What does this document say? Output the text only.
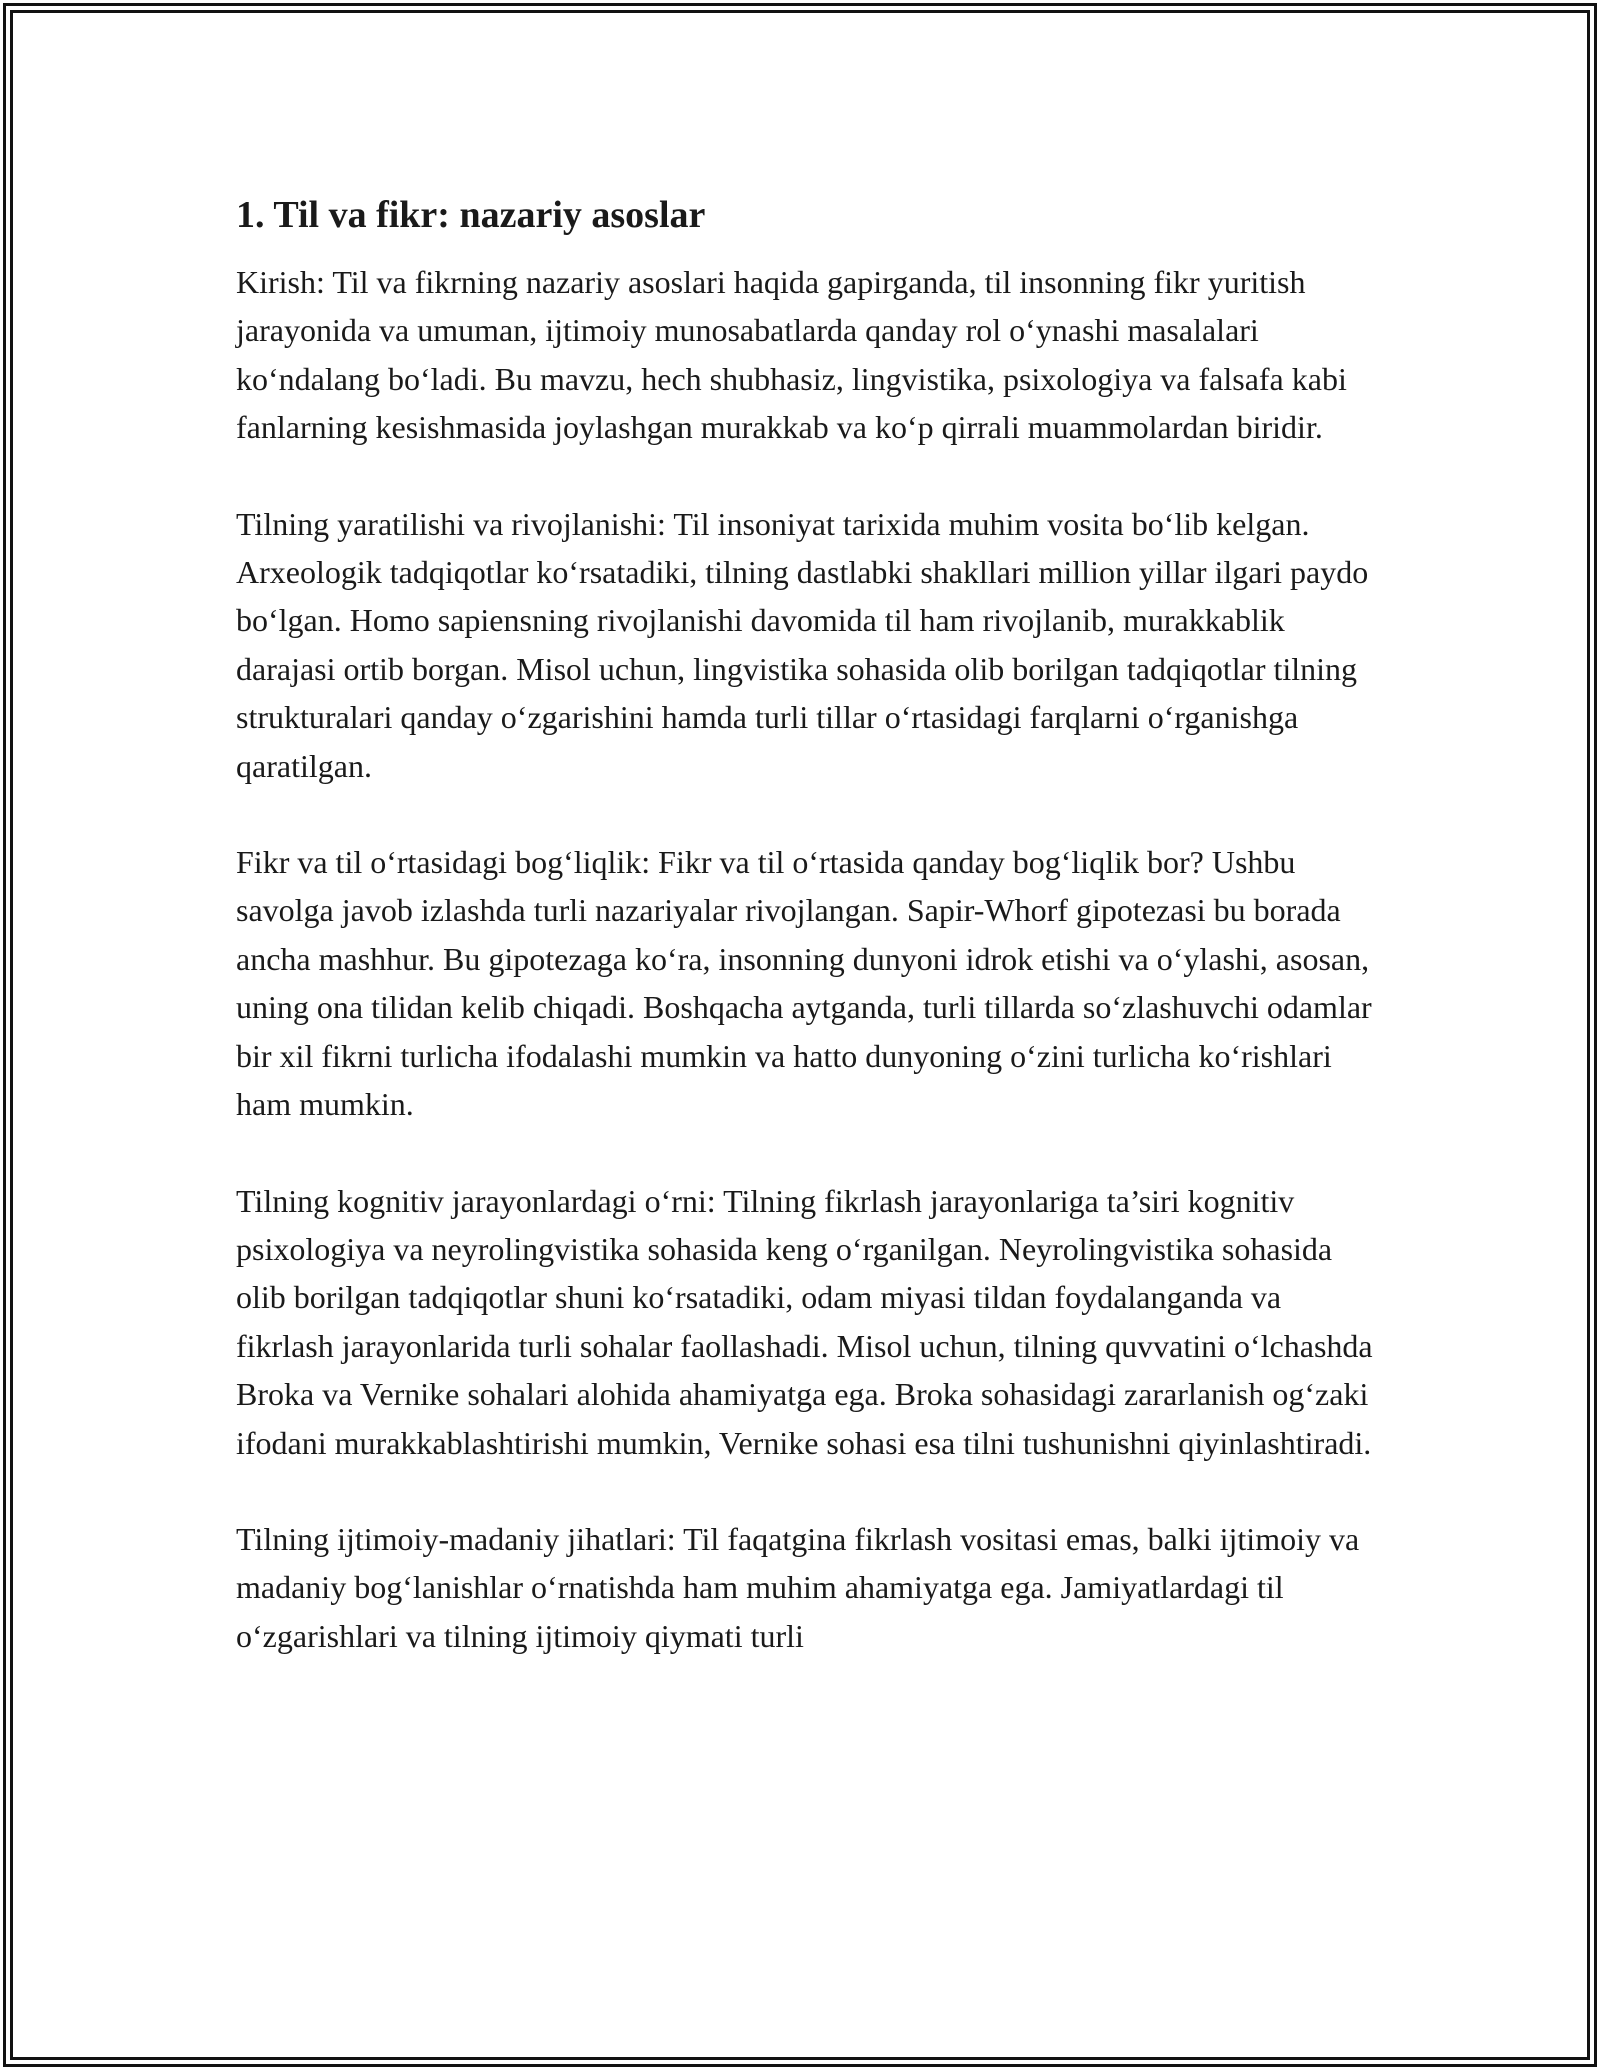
1. Til va fikr: nazariy asoslar

Kirish: Til va fikrning nazariy asoslari haqida gapirganda, til insonning fikr yuritish jarayonida va umuman, ijtimoiy munosabatlarda qanday rol o‘ynashi masalalari ko‘ndalang bo‘ladi. Bu mavzu, hech shubhasiz, lingvistika, psixologiya va falsafa kabi fanlarning kesishmasida joylashgan murakkab va ko‘p qirrali muammolardan biridir.

Tilning yaratilishi va rivojlanishi: Til insoniyat tarixida muhim vosita bo‘lib kelgan. Arxeologik tadqiqotlar ko‘rsatadiki, tilning dastlabki shakllari million yillar ilgari paydo bo‘lgan. Homo sapiensning rivojlanishi davomida til ham rivojlanib, murakkablik darajasi ortib borgan. Misol uchun, lingvistika sohasida olib borilgan tadqiqotlar tilning strukturalari qanday o‘zgarishini hamda turli tillar o‘rtasidagi farqlarni o‘rganishga qaratilgan.

Fikr va til o‘rtasidagi bog‘liqlik: Fikr va til o‘rtasida qanday bog‘liqlik bor? Ushbu savolga javob izlashda turli nazariyalar rivojlangan. Sapir-Whorf gipotezasi bu borada ancha mashhur. Bu gipotezaga ko‘ra, insonning dunyoni idrok etishi va o‘ylashi, asosan, uning ona tilidan kelib chiqadi. Boshqacha aytganda, turli tillarda so‘zlashuvchi odamlar bir xil fikrni turlicha ifodalashi mumkin va hatto dunyoning o‘zini turlicha ko‘rishlari ham mumkin.

Tilning kognitiv jarayonlardagi o‘rni: Tilning fikrlash jarayonlariga ta’siri kognitiv psixologiya va neyrolingvistika sohasida keng o‘rganilgan. Neyrolingvistika sohasida olib borilgan tadqiqotlar shuni ko‘rsatadiki, odam miyasi tildan foydalanganda va fikrlash jarayonlarida turli sohalar faollashadi. Misol uchun, tilning quvvatini o‘lchashda Broka va Vernike sohalari alohida ahamiyatga ega. Broka sohasidagi zararlanish og‘zaki ifodani murakkablashtirishi mumkin, Vernike sohasi esa tilni tushunishni qiyinlashtiradi.

Tilning ijtimoiy-madaniy jihatlari: Til faqatgina fikrlash vositasi emas, balki ijtimoiy va madaniy bog‘lanishlar o‘rnatishda ham muhim ahamiyatga ega. Jamiyatlardagi til o‘zgarishlari va tilning ijtimoiy qiymati turli
